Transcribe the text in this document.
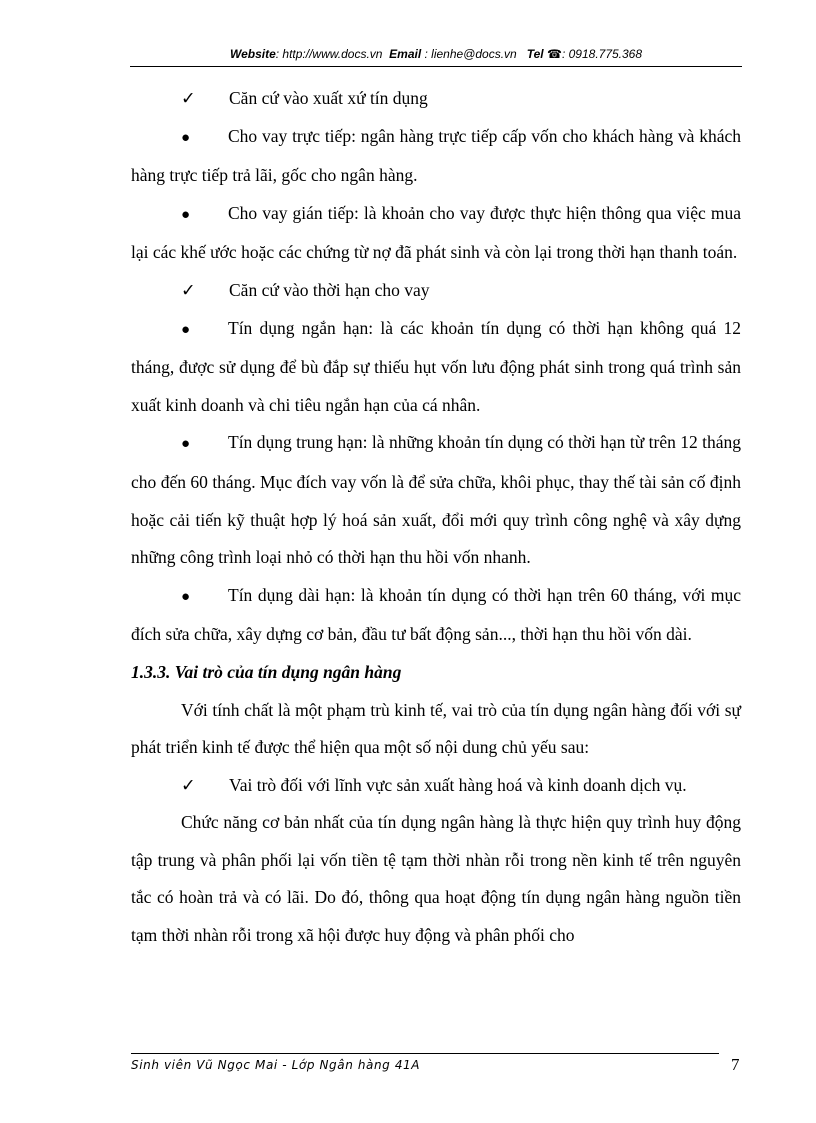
Website: http://www.docs.vn Email : lienhe@docs.vn Tel ☎: 0918.775.368

✓ Căn cứ vào xuất xứ tín dụng

● Cho vay trực tiếp: ngân hàng trực tiếp cấp vốn cho khách hàng và khách hàng trực tiếp trả lãi, gốc cho ngân hàng.

● Cho vay gián tiếp: là khoản cho vay được thực hiện thông qua việc mua lại các khế ước hoặc các chứng từ nợ đã phát sinh và còn lại trong thời hạn thanh toán.

✓ Căn cứ vào thời hạn cho vay

● Tín dụng ngắn hạn: là các khoản tín dụng có thời hạn không quá 12 tháng, được sử dụng để bù đắp sự thiếu hụt vốn lưu động phát sinh trong quá trình sản xuất kinh doanh và chi tiêu ngắn hạn của cá nhân.

● Tín dụng trung hạn: là những khoản tín dụng có thời hạn từ trên 12 tháng cho đến 60 tháng. Mục đích vay vốn là để sửa chữa, khôi phục, thay thế tài sản cố định hoặc cải tiến kỹ thuật hợp lý hoá sản xuất, đổi mới quy trình công nghệ và xây dựng những công trình loại nhỏ có thời hạn thu hồi vốn nhanh.

● Tín dụng dài hạn: là khoản tín dụng có thời hạn trên 60 tháng, với mục đích sửa chữa, xây dựng cơ bản, đầu tư bất động sản..., thời hạn thu hồi vốn dài.

1.3.3. Vai trò của tín dụng ngân hàng

Với tính chất là một phạm trù kinh tế, vai trò của tín dụng ngân hàng đối với sự phát triển kinh tế được thể hiện qua một số nội dung chủ yếu sau:

✓ Vai trò đối với lĩnh vực sản xuất hàng hoá và kinh doanh dịch vụ.

Chức năng cơ bản nhất của tín dụng ngân hàng là thực hiện quy trình huy động tập trung và phân phối lại vốn tiền tệ tạm thời nhàn rỗi trong nền kinh tế trên nguyên tắc có hoàn trả và có lãi. Do đó, thông qua hoạt động tín dụng ngân hàng nguồn tiền tạm thời nhàn rỗi trong xã hội được huy động và phân phối cho

Sinh viên Vũ Ngọc Mai - Lớp Ngân hàng 41A	7
